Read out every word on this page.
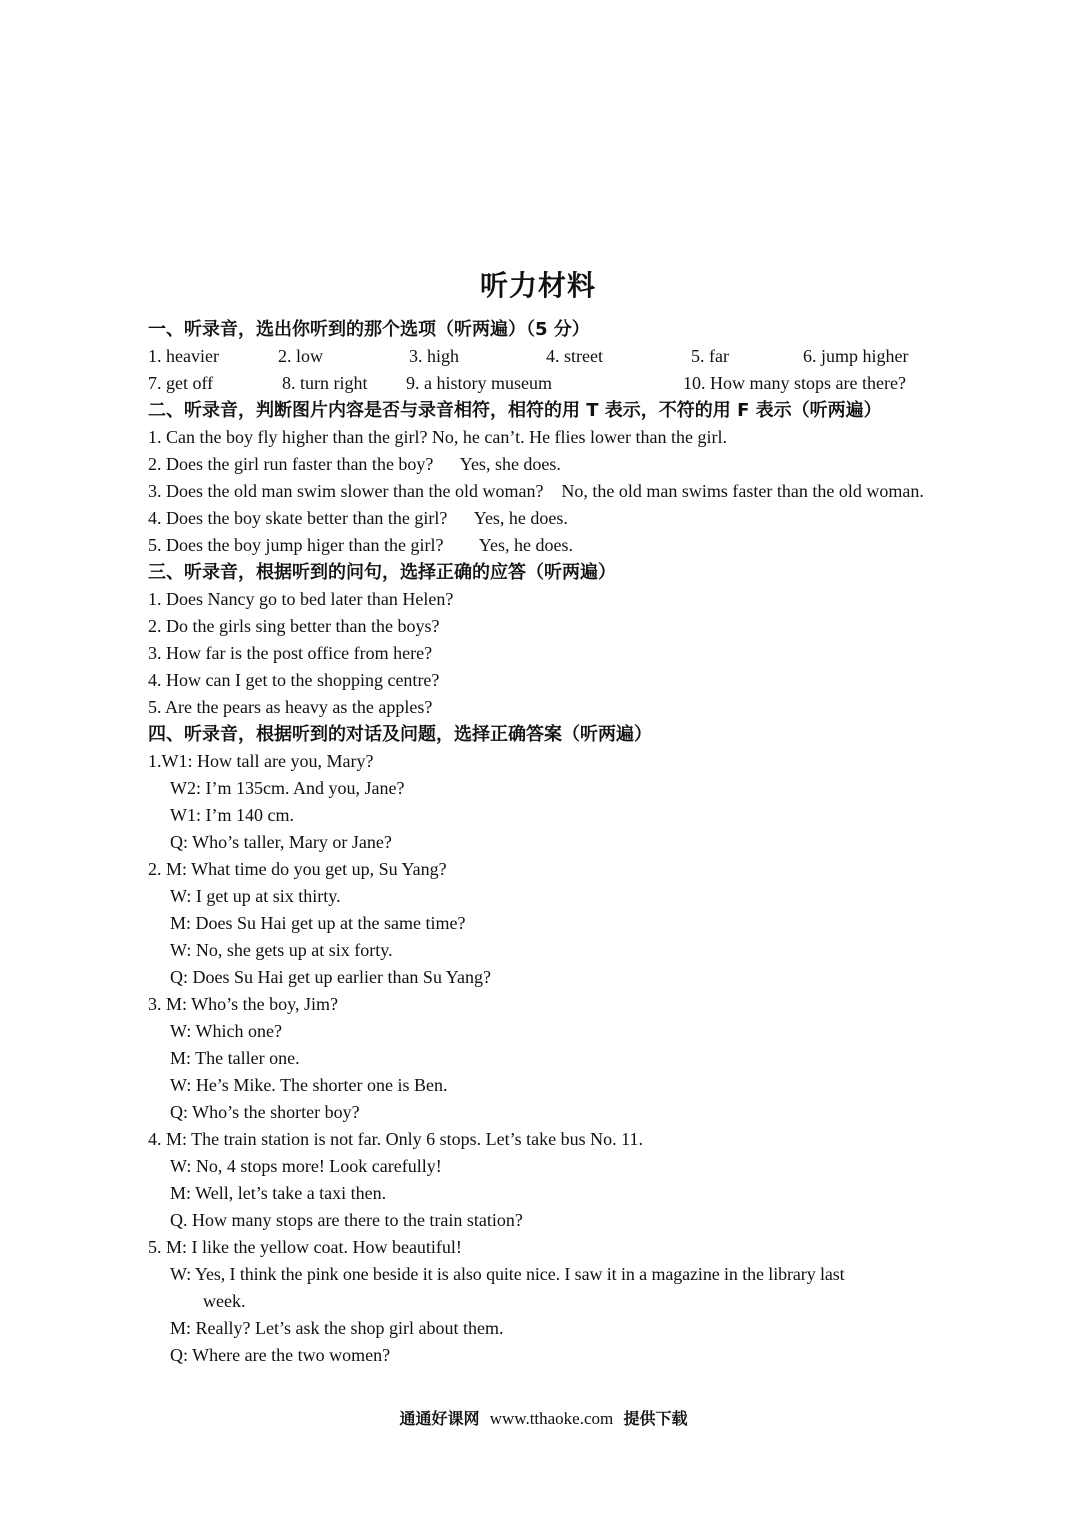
听力材料
一、听录音，选出你听到的那个选项（听两遍）（5 分）
1. heavier	2. low	3. high	4. street	5. far	6. jump higher
7. get off	8. turn right	9. a history museum	10. How many stops are there?
二、听录音，判断图片内容是否与录音相符，相符的用 T 表示，不符的用 F 表示（听两遍）
1. Can the boy fly higher than the girl? No, he can’t. He flies lower than the girl.
2. Does the girl run faster than the boy?      Yes, she does.
3. Does the old man swim slower than the old woman?    No, the old man swims faster than the old woman.
4. Does the boy skate better than the girl?      Yes, he does.
5. Does the boy jump higer than the girl?        Yes, he does.
三、听录音，根据听到的问句，选择正确的应答（听两遍）
1. Does Nancy go to bed later than Helen?
2. Do the girls sing better than the boys?
3. How far is the post office from here?
4. How can I get to the shopping centre?
5. Are the pears as heavy as the apples?
四、听录音，根据听到的对话及问题，选择正确答案（听两遍）
1.W1: How tall are you, Mary?
W2: I’m 135cm. And you, Jane?
W1: I’m 140 cm.
Q: Who’s taller, Mary or Jane?
2. M: What time do you get up, Su Yang?
W: I get up at six thirty.
M: Does Su Hai get up at the same time?
W: No, she gets up at six forty.
Q: Does Su Hai get up earlier than Su Yang?
3. M: Who’s the boy, Jim?
W: Which one?
M: The taller one.
W: He’s Mike. The shorter one is Ben.
Q: Who’s the shorter boy?
4. M: The train station is not far. Only 6 stops. Let’s take bus No. 11.
W: No, 4 stops more! Look carefully!
M: Well, let’s take a taxi then.
Q. How many stops are there to the train station?
5. M: I like the yellow coat. How beautiful!
W: Yes, I think the pink one beside it is also quite nice. I saw it in a magazine in the library last
week.
M: Really? Let’s ask the shop girl about them.
Q: Where are the two women?
通通好课网 www.tthaoke.com 提供下载
